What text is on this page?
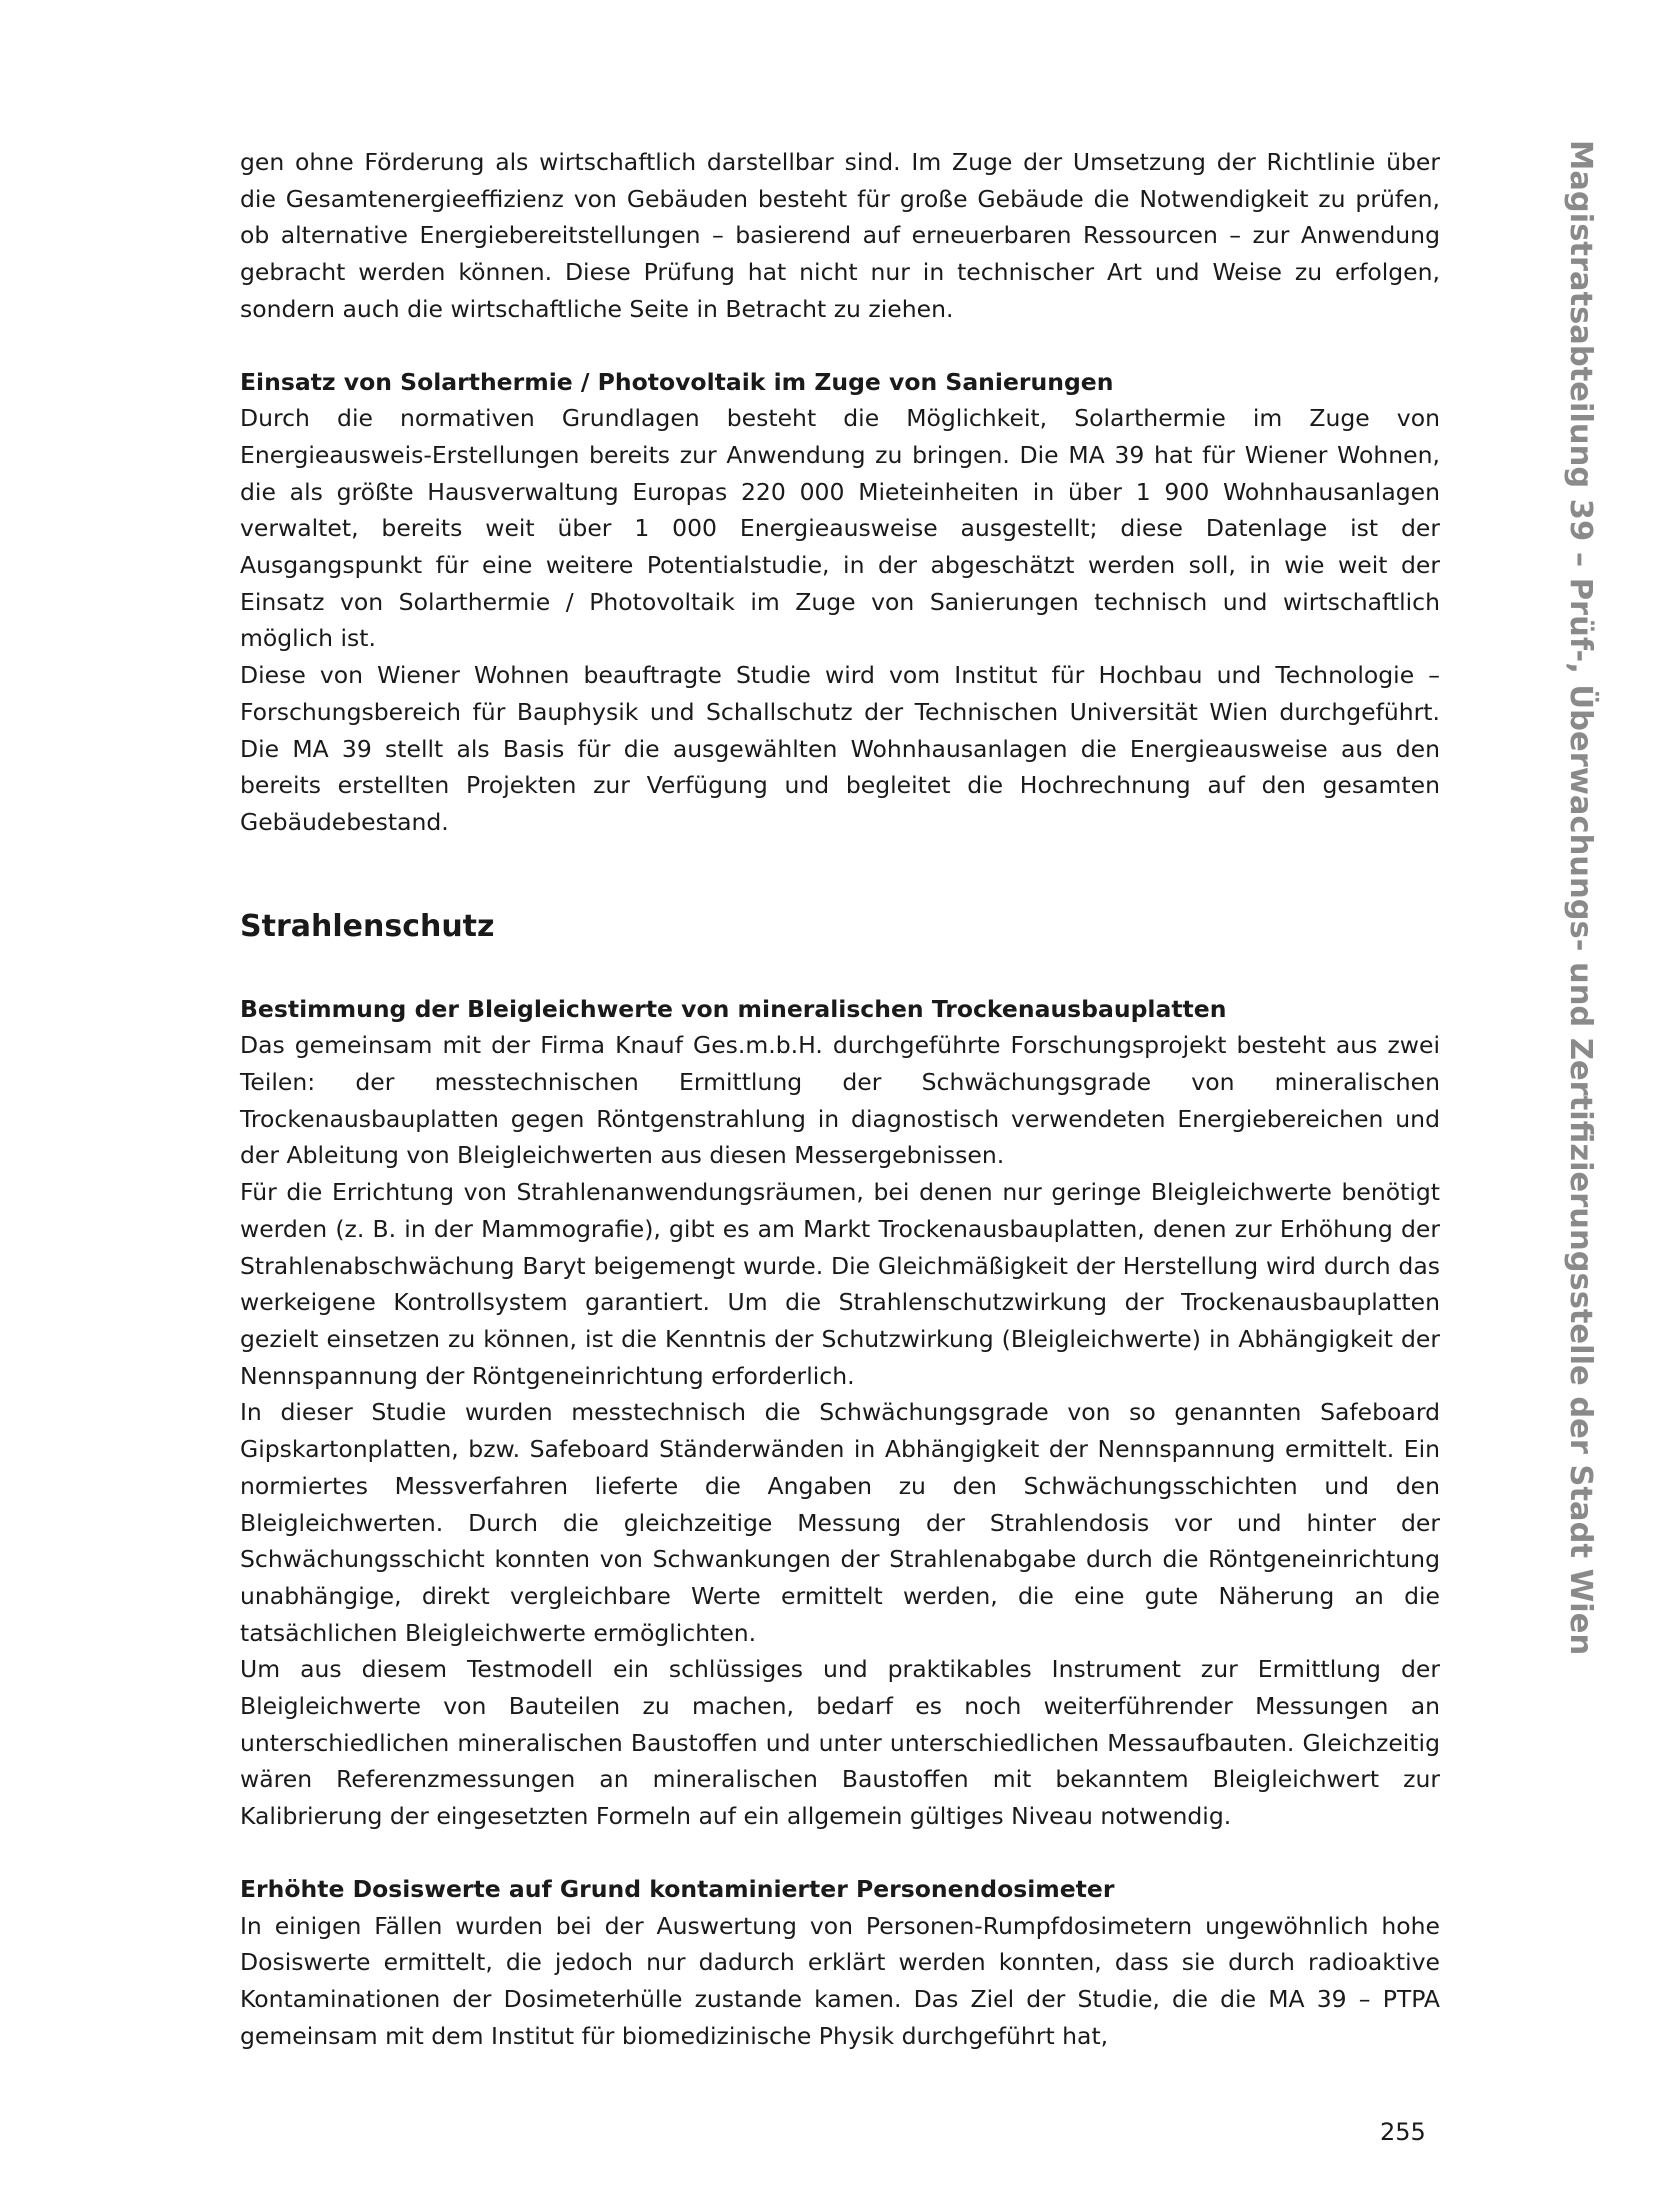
Magistratsabteilung 39 – Prüf-, Überwachungs- und Zertifizierungsstelle der Stadt Wien

gen ohne Förderung als wirtschaftlich darstellbar sind. Im Zuge der Umsetzung der Richtlinie über die Gesamtenergieeffizienz von Gebäuden besteht für große Gebäude die Notwendigkeit zu prüfen, ob alternative Energiebereitstellungen – basierend auf erneuerbaren Ressourcen – zur Anwendung gebracht werden können. Diese Prüfung hat nicht nur in technischer Art und Weise zu erfolgen, sondern auch die wirtschaftliche Seite in Betracht zu ziehen.

Einsatz von Solarthermie / Photovoltaik im Zuge von Sanierungen

Durch die normativen Grundlagen besteht die Möglichkeit, Solarthermie im Zuge von Energieausweis-Erstellungen bereits zur Anwendung zu bringen. Die MA 39 hat für Wiener Wohnen, die als größte Hausverwaltung Europas 220 000 Mieteinheiten in über 1 900 Wohnhausanlagen verwaltet, bereits weit über 1 000 Energieausweise ausgestellt; diese Datenlage ist der Ausgangspunkt für eine weitere Potentialstudie, in der abgeschätzt werden soll, in wie weit der Einsatz von Solarthermie / Photovoltaik im Zuge von Sanierungen technisch und wirtschaftlich möglich ist.

Diese von Wiener Wohnen beauftragte Studie wird vom Institut für Hochbau und Technologie – Forschungsbereich für Bauphysik und Schallschutz der Technischen Universität Wien durchgeführt. Die MA 39 stellt als Basis für die ausgewählten Wohnhausanlagen die Energieausweise aus den bereits erstellten Projekten zur Verfügung und begleitet die Hochrechnung auf den gesamten Gebäudebestand.

Strahlenschutz

Bestimmung der Bleigleichwerte von mineralischen Trockenausbauplatten

Das gemeinsam mit der Firma Knauf Ges.m.b.H. durchgeführte Forschungsprojekt besteht aus zwei Teilen: der messtechnischen Ermittlung der Schwächungsgrade von mineralischen Trockenausbauplatten gegen Röntgenstrahlung in diagnostisch verwendeten Energiebereichen und der Ableitung von Bleigleichwerten aus diesen Messergebnissen.

Für die Errichtung von Strahlenanwendungsräumen, bei denen nur geringe Bleigleichwerte benötigt werden (z. B. in der Mammografie), gibt es am Markt Trockenausbauplatten, denen zur Erhöhung der Strahlenabschwächung Baryt beigemengt wurde. Die Gleichmäßigkeit der Herstellung wird durch das werkeigene Kontrollsystem garantiert. Um die Strahlenschutzwirkung der Trockenausbauplatten gezielt einsetzen zu können, ist die Kenntnis der Schutzwirkung (Bleigleichwerte) in Abhängigkeit der Nennspannung der Röntgeneinrichtung erforderlich.

In dieser Studie wurden messtechnisch die Schwächungsgrade von so genannten Safeboard Gipskartonplatten, bzw. Safeboard Ständerwänden in Abhängigkeit der Nennspannung ermittelt. Ein normiertes Messverfahren lieferte die Angaben zu den Schwächungsschichten und den Bleigleichwerten. Durch die gleichzeitige Messung der Strahlendosis vor und hinter der Schwächungsschicht konnten von Schwankungen der Strahlenabgabe durch die Röntgeneinrichtung unabhängige, direkt vergleichbare Werte ermittelt werden, die eine gute Näherung an die tatsächlichen Bleigleichwerte ermöglichten.

Um aus diesem Testmodell ein schlüssiges und praktikables Instrument zur Ermittlung der Bleigleichwerte von Bauteilen zu machen, bedarf es noch weiterführender Messungen an unterschiedlichen mineralischen Baustoffen und unter unterschiedlichen Messaufbauten. Gleichzeitig wären Referenzmessungen an mineralischen Baustoffen mit bekanntem Bleigleichwert zur Kalibrierung der eingesetzten Formeln auf ein allgemein gültiges Niveau notwendig.

Erhöhte Dosiswerte auf Grund kontaminierter Personendosimeter

In einigen Fällen wurden bei der Auswertung von Personen-Rumpfdosimetern ungewöhnlich hohe Dosiswerte ermittelt, die jedoch nur dadurch erklärt werden konnten, dass sie durch radioaktive Kontaminationen der Dosimeterhülle zustande kamen. Das Ziel der Studie, die die MA 39 – PTPA gemeinsam mit dem Institut für biomedizinische Physik durchgeführt hat,

255
